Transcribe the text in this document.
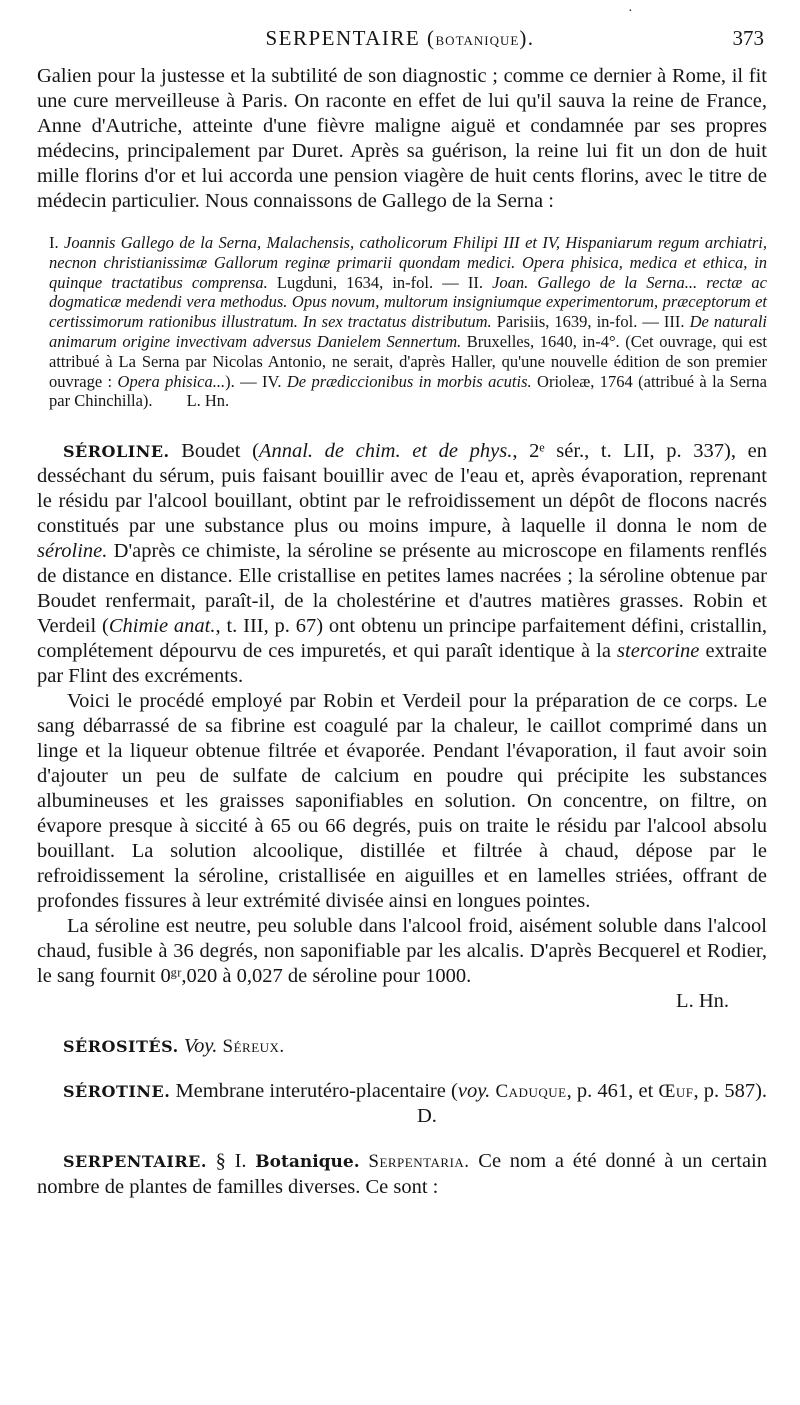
·
SERPENTAIRE (BOTANIQUE).	373

Galien pour la justesse et la subtilité de son diagnostic ; comme ce dernier à Rome, il fit une cure merveilleuse à Paris. On raconte en effet de lui qu'il sauva la reine de France, Anne d'Autriche, atteinte d'une fièvre maligne aiguë et condamnée par ses propres médecins, principalement par Duret. Après sa guérison, la reine lui fit un don de huit mille florins d'or et lui accorda une pension viagère de huit cents florins, avec le titre de médecin particulier. Nous connaissons de Gallego de la Serna :

I. Joannis Gallego de la Serna, Malachensis, catholicorum Fhilipi III et IV, Hispaniarum regum archiatri, necnon christianissimæ Gallorum reginæ primarii quondam medici. Opera phisica, medica et ethica, in quinque tractatibus comprensa. Lugduni, 1634, in-fol. — II. Joan. Gallego de la Serna... rectæ ac dogmaticæ medendi vera methodus. Opus novum, multorum insigniumque experimentorum, præceptorum et certissimorum rationibus illustratum. In sex tractatus distributum. Parisiis, 1639, in-fol. — III. De naturali animarum origine invectivam adversus Danielem Sennertum. Bruxelles, 1640, in-4°. (Cet ouvrage, qui est attribué à La Serna par Nicolas Antonio, ne serait, d'après Haller, qu'une nouvelle édition de son premier ouvrage : Opera phisica...). — IV. De prædiccionibus in morbis acutis. Orioleæ, 1764 (attribué à la Serna par Chinchilla). L. Hn.

SÉROLINE. Boudet (Annal. de chim. et de phys., 2ᵉ sér., t. LII, p. 337), en desséchant du sérum, puis faisant bouillir avec de l'eau et, après évaporation, reprenant le résidu par l'alcool bouillant, obtint par le refroidissement un dépôt de flocons nacrés constitués par une substance plus ou moins impure, à laquelle il donna le nom de séroline. D'après ce chimiste, la séroline se présente au microscope en filaments renflés de distance en distance. Elle cristallise en petites lames nacrées ; la séroline obtenue par Boudet renfermait, paraît-il, de la cholestérine et d'autres matières grasses. Robin et Verdeil (Chimie anat., t. III, p. 67) ont obtenu un principe parfaitement défini, cristallin, complétement dépourvu de ces impuretés, et qui paraît identique à la stercorine extraite par Flint des excréments.

Voici le procédé employé par Robin et Verdeil pour la préparation de ce corps. Le sang débarrassé de sa fibrine est coagulé par la chaleur, le caillot comprimé dans un linge et la liqueur obtenue filtrée et évaporée. Pendant l'évaporation, il faut avoir soin d'ajouter un peu de sulfate de calcium en poudre qui précipite les substances albumineuses et les graisses saponifiables en solution. On concentre, on filtre, on évapore presque à siccité à 65 ou 66 degrés, puis on traite le résidu par l'alcool absolu bouillant. La solution alcoolique, distillée et filtrée à chaud, dépose par le refroidissement la séroline, cristallisée en aiguilles et en lamelles striées, offrant de profondes fissures à leur extrémité divisée ainsi en longues pointes.

La séroline est neutre, peu soluble dans l'alcool froid, aisément soluble dans l'alcool chaud, fusible à 36 degrés, non saponifiable par les alcalis. D'après Becquerel et Rodier, le sang fournit 0ᵍʳ,020 à 0,027 de séroline pour 1000.

L. Hn.

SÉROSITÉS. Voy. Séreux.

SÉROTINE. Membrane interutéro-placentaire (voy. Caduque, p. 461, et Œuf, p. 587).D.

SERPENTAIRE. § I. Botanique. Serpentaria. Ce nom a été donné à un certain nombre de plantes de familles diverses. Ce sont :
